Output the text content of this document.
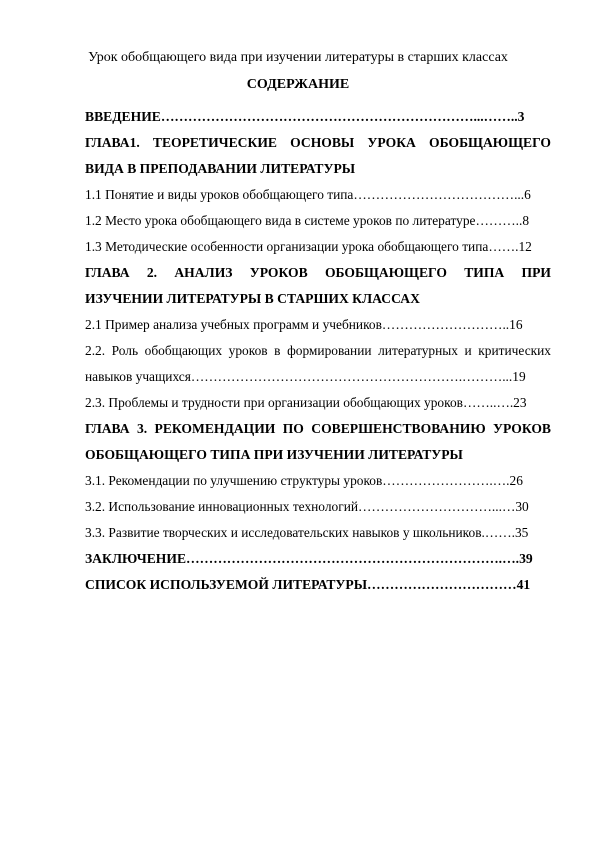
Урок обобщающего вида при изучении литературы в старших классах
СОДЕРЖАНИЕ
ВВЕДЕНИЕ……………………………………………………………...……..3
ГЛАВА1. ТЕОРЕТИЧЕСКИЕ ОСНОВЫ УРОКА ОБОБЩАЮЩЕГО
ВИДА В ПРЕПОДАВАНИИ ЛИТЕРАТУРЫ
1.1 Понятие и виды уроков обобщающего типа………………………………...6
1.2 Место урока обобщающего вида в системе уроков по литературе………..8
1.3 Методические особенности организации урока обобщающего типа…….12
ГЛАВА 2. АНАЛИЗ УРОКОВ ОБОБЩАЮЩЕГО ТИПА ПРИ
ИЗУЧЕНИИ ЛИТЕРАТУРЫ В СТАРШИХ КЛАССАХ
2.1 Пример анализа учебных программ и учебников………………………..16
2.2. Роль обобщающих уроков в формировании литературных и критических
навыков учащихся…………………………………………………….………...19
2.3. Проблемы и трудности при организации обобщающих уроков……..….23
ГЛАВА 3. РЕКОМЕНДАЦИИ ПО СОВЕРШЕНСТВОВАНИЮ УРОКОВ
ОБОБЩАЮЩЕГО ТИПА ПРИ ИЗУЧЕНИИ ЛИТЕРАТУРЫ
3.1. Рекомендации по улучшению структуры уроков…………………….….26
3.2. Использование инновационных технологий…………………………...…30
3.3. Развитие творческих и исследовательских навыков у школьников.…….35
ЗАКЛЮЧЕНИЕ…………………………………………………………….….39
СПИСОК ИСПОЛЬЗУЕМОЙ ЛИТЕРАТУРЫ……………………………41
